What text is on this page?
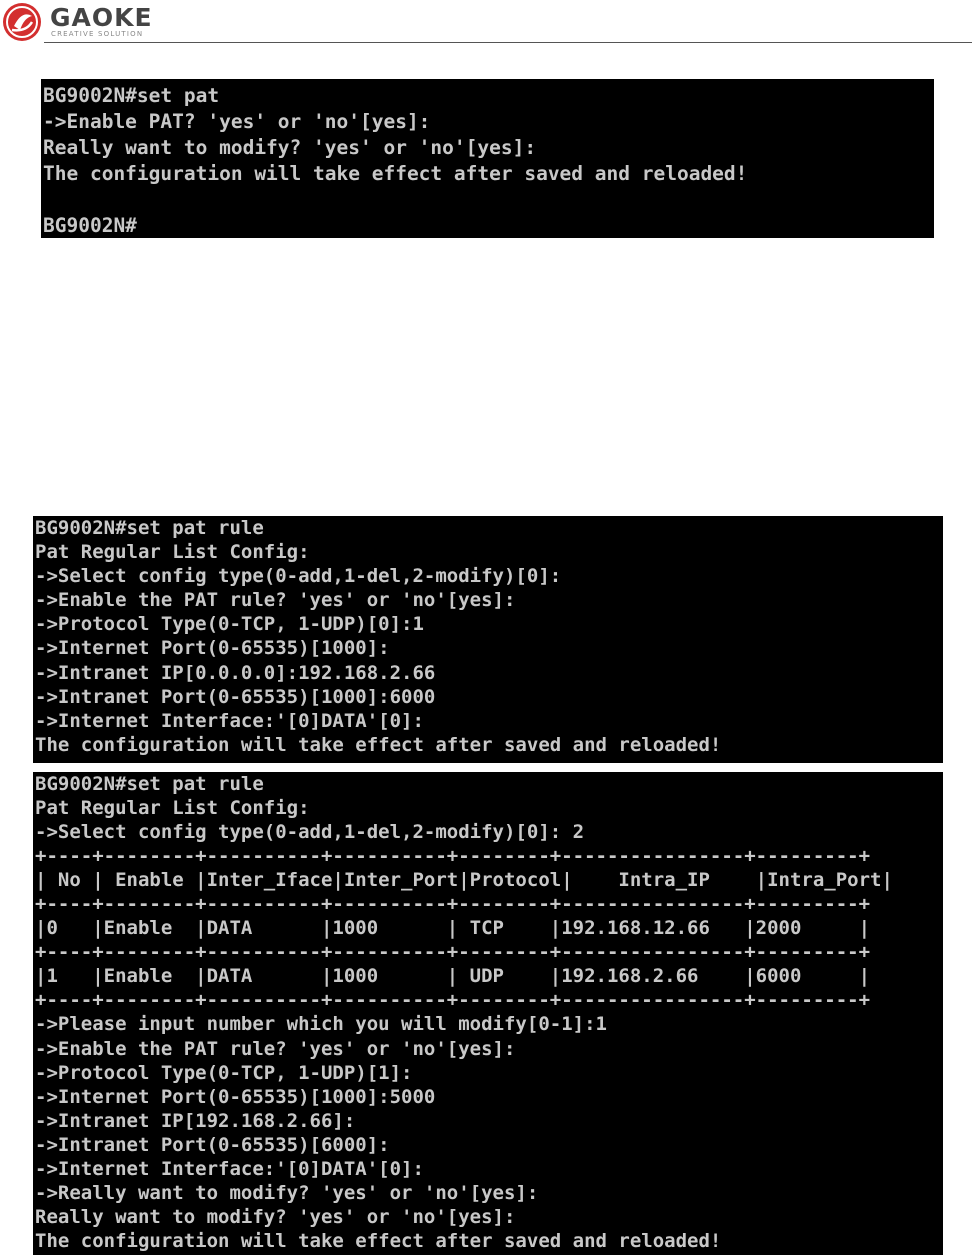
GAOKE
CREATIVE SOLUTION
BG9002N#set pat
->Enable PAT? 'yes' or 'no'[yes]:
Really want to modify? 'yes' or 'no'[yes]:
The configuration will take effect after saved and reloaded!
BG9002N#
BG9002N#set pat rule
Pat Regular List Config:
->Select config type(0-add,1-del,2-modify)[0]:
->Enable the PAT rule? 'yes' or 'no'[yes]:
->Protocol Type(0-TCP, 1-UDP)[0]:1
->Internet Port(0-65535)[1000]:
->Intranet IP[0.0.0.0]:192.168.2.66
->Intranet Port(0-65535)[1000]:6000
->Internet Interface:'[0]DATA'[0]:
The configuration will take effect after saved and reloaded!
BG9002N#set pat rule
Pat Regular List Config:
->Select config type(0-add,1-del,2-modify)[0]: 2
+----+--------+----------+----------+--------+----------------+---------+
| No | Enable |Inter_Iface|Inter_Port|Protocol|    Intra_IP    |Intra_Port|
+----+--------+----------+----------+--------+----------------+---------+
|0   |Enable  |DATA      |1000      | TCP    |192.168.12.66   |2000     |
+----+--------+----------+----------+--------+----------------+---------+
|1   |Enable  |DATA      |1000      | UDP    |192.168.2.66    |6000     |
+----+--------+----------+----------+--------+----------------+---------+
->Please input number which you will modify[0-1]:1
->Enable the PAT rule? 'yes' or 'no'[yes]:
->Protocol Type(0-TCP, 1-UDP)[1]:
->Internet Port(0-65535)[1000]:5000
->Intranet IP[192.168.2.66]:
->Intranet Port(0-65535)[6000]:
->Internet Interface:'[0]DATA'[0]:
->Really want to modify? 'yes' or 'no'[yes]:
Really want to modify? 'yes' or 'no'[yes]:
The configuration will take effect after saved and reloaded!
